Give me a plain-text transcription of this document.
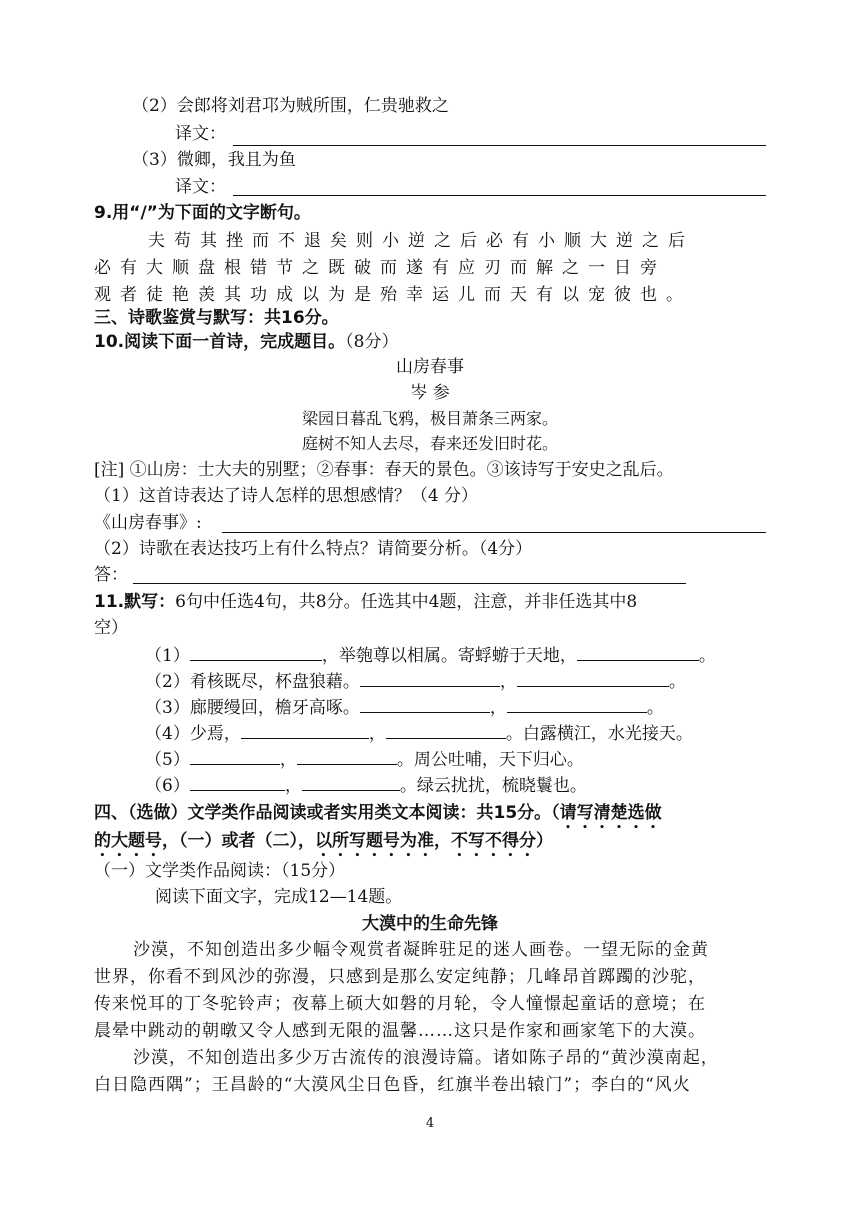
（2）会郎将刘君邛为贼所围，仁贵驰救之
译文：
（3）微卿，我且为鱼
译文：
9.用“/”为下面的文字断句。
夫苟其挫而不退矣则小逆之后必有小顺大逆之后
必有大顺盘根错节之既破而遂有应刃而解之一日旁
观者徒艳羡其功成以为是殆幸运儿而天有以宠彼也。
三、诗歌鉴赏与默写：共16分。
10.阅读下面一首诗，完成题目。（8分）
山房春事
岑 参
梁园日暮乱飞鸦，极目萧条三两家。
庭树不知人去尽，春来还发旧时花。
[注] ①山房：士大夫的别墅；②春事：春天的景色。③该诗写于安史之乱后。
（1）这首诗表达了诗人怎样的思想感情？（4 分）
《山房春事》:
（2）诗歌在表达技巧上有什么特点？请简要分析。（4分）
答：
11.默写：6句中任选4句，共8分。任选其中4题，注意，并非任选其中8
空）
（1）	，举匏尊以相属。寄蜉蝣于天地，	。
（2）肴核既尽，杯盘狼藉。	，	。
（3）廊腰缦回，檐牙高啄。	，	。
（4）少焉，	，	。白露横江，水光接天。
（5）	，	。周公吐哺，天下归心。
（6）	，	。绿云扰扰，梳晓鬟也。
四、（选做）文学类作品阅读或者实用类文本阅读：共15分。（请写清楚选做
的大题号，（一）或者（二），以所写题号为准，不写不得分）
（一）文学类作品阅读：（15分）
阅读下面文字，完成12—14题。
大漠中的生命先锋
沙漠，不知创造出多少幅令观赏者凝眸驻足的迷人画卷。一望无际的金黄
世界，你看不到风沙的弥漫，只感到是那么安定纯静；几峰昂首踯躅的沙驼，
传来悦耳的丁冬驼铃声；夜幕上硕大如磐的月轮，令人憧憬起童话的意境；在
晨晕中跳动的朝暾又令人感到无限的温馨……这只是作家和画家笔下的大漠。
沙漠，不知创造出多少万古流传的浪漫诗篇。诸如陈子昂的“黄沙漠南起，
白日隐西隅”；王昌龄的“大漠风尘日色昏，红旗半卷出辕门”；李白的“风火
4
